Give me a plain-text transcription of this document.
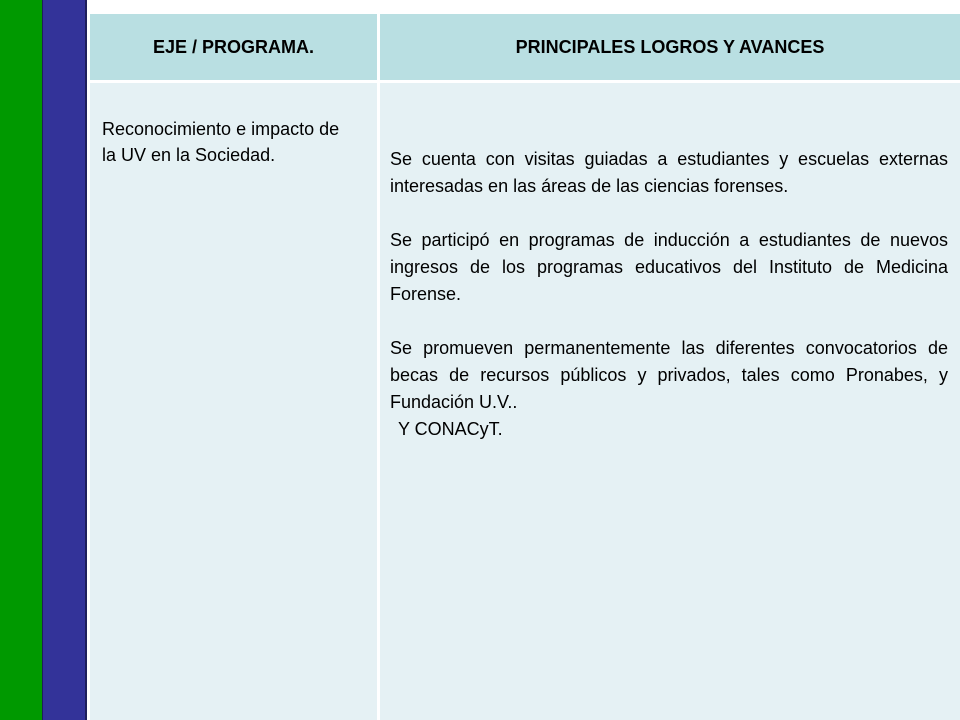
EJE / PROGRAMA.	PRINCIPALES LOGROS Y AVANCES

Reconocimiento e impacto de la UV en la Sociedad.	Se cuenta con visitas guiadas a estudiantes y escuelas externas interesadas en las áreas de las ciencias forenses.

Se participó en programas de inducción a estudiantes de nuevos ingresos de los programas educativos del Instituto de Medicina Forense.

Se promueven permanentemente las diferentes convocatorios de becas de recursos públicos y privados, tales como Pronabes, y Fundación U.V..
Y CONACyT.
